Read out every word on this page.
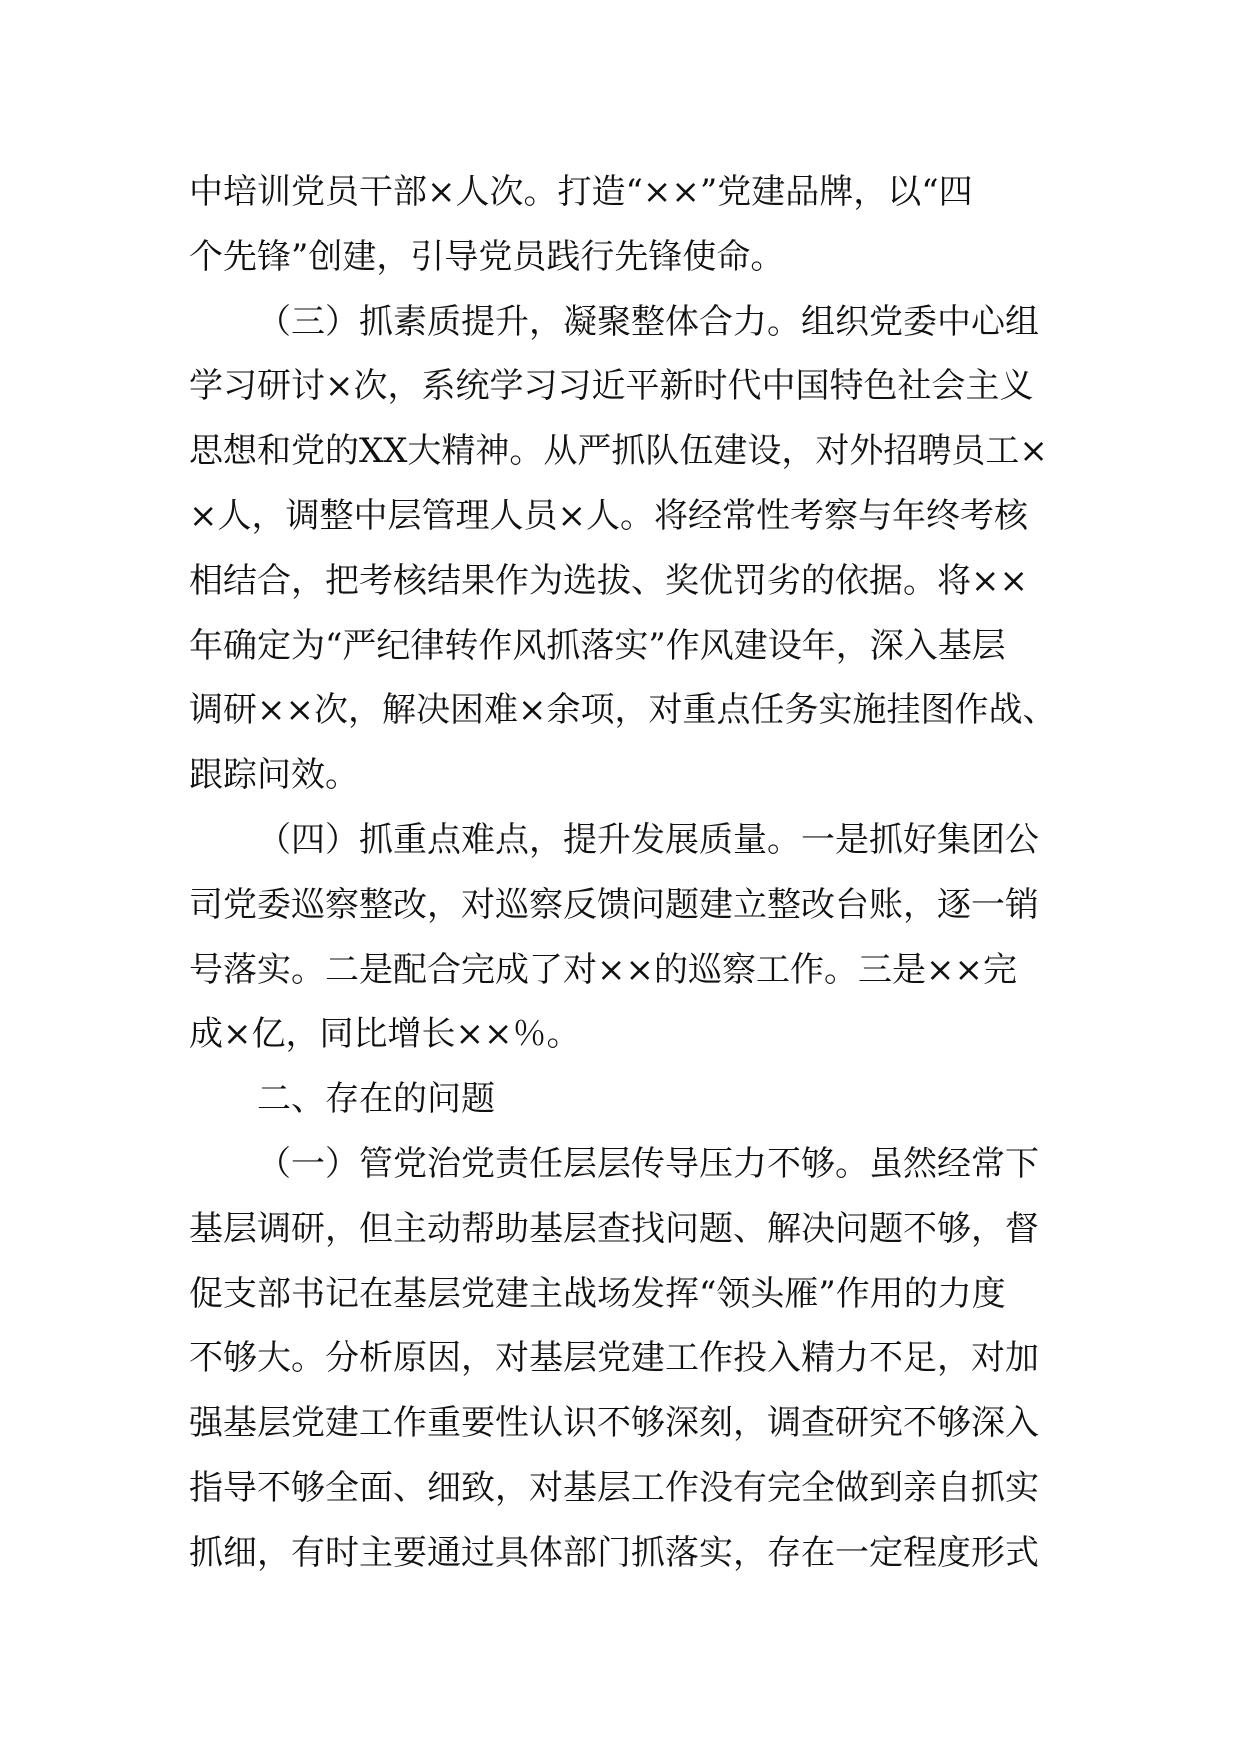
中培训党员干部×人次。打造“××”党建品牌，以“四
个先锋”创建，引导党员践行先锋使命。
（三）抓素质提升，凝聚整体合力。组织党委中心组
学习研讨×次，系统学习习近平新时代中国特色社会主义
思想和党的XX大精神。从严抓队伍建设，对外招聘员工×
×人，调整中层管理人员×人。将经常性考察与年终考核
相结合，把考核结果作为选拔、奖优罚劣的依据。将××
年确定为“严纪律转作风抓落实”作风建设年，深入基层
调研××次，解决困难×余项，对重点任务实施挂图作战、
跟踪问效。
（四）抓重点难点，提升发展质量。一是抓好集团公
司党委巡察整改，对巡察反馈问题建立整改台账，逐一销
号落实。二是配合完成了对××的巡察工作。三是××完
成×亿，同比增长××％。
二、存在的问题
（一）管党治党责任层层传导压力不够。虽然经常下
基层调研，但主动帮助基层查找问题、解决问题不够，督
促支部书记在基层党建主战场发挥“领头雁”作用的力度
不够大。分析原因，对基层党建工作投入精力不足，对加
强基层党建工作重要性认识不够深刻，调查研究不够深入
指导不够全面、细致，对基层工作没有完全做到亲自抓实
抓细，有时主要通过具体部门抓落实，存在一定程度形式
